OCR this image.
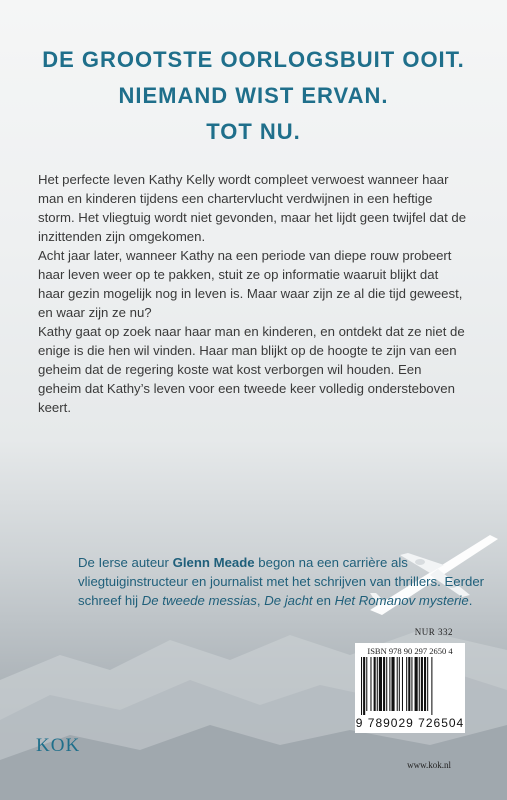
DE GROOTSTE OORLOGSBUIT OOIT.
NIEMAND WIST ERVAN.
TOT NU.

Het perfecte leven Kathy Kelly wordt compleet verwoest wanneer haar man en kinderen tijdens een chartervlucht verdwijnen in een heftige storm. Het vliegtuig wordt niet gevonden, maar het lijdt geen twijfel dat de inzittenden zijn omgekomen.

Acht jaar later, wanneer Kathy na een periode van diepe rouw probeert haar leven weer op te pakken, stuit ze op informatie waaruit blijkt dat haar gezin mogelijk nog in leven is. Maar waar zijn ze al die tijd geweest, en waar zijn ze nu?

Kathy gaat op zoek naar haar man en kinderen, en ontdekt dat ze niet de enige is die hen wil vinden. Haar man blijkt op de hoogte te zijn van een geheim dat de regering koste wat kost verborgen wil houden. Een geheim dat Kathy’s leven voor een tweede keer volledig ondersteboven keert.

De Ierse auteur Glenn Meade begon na een carrière als vliegtuiginstructeur en journalist met het schrijven van thrillers. Eerder schreef hij De tweede messias, De jacht en Het Romanov mysterie.
NUR 332
ISBN 978 90 297 2650 4
9 789029 726504
KOK
www.kok.nl
